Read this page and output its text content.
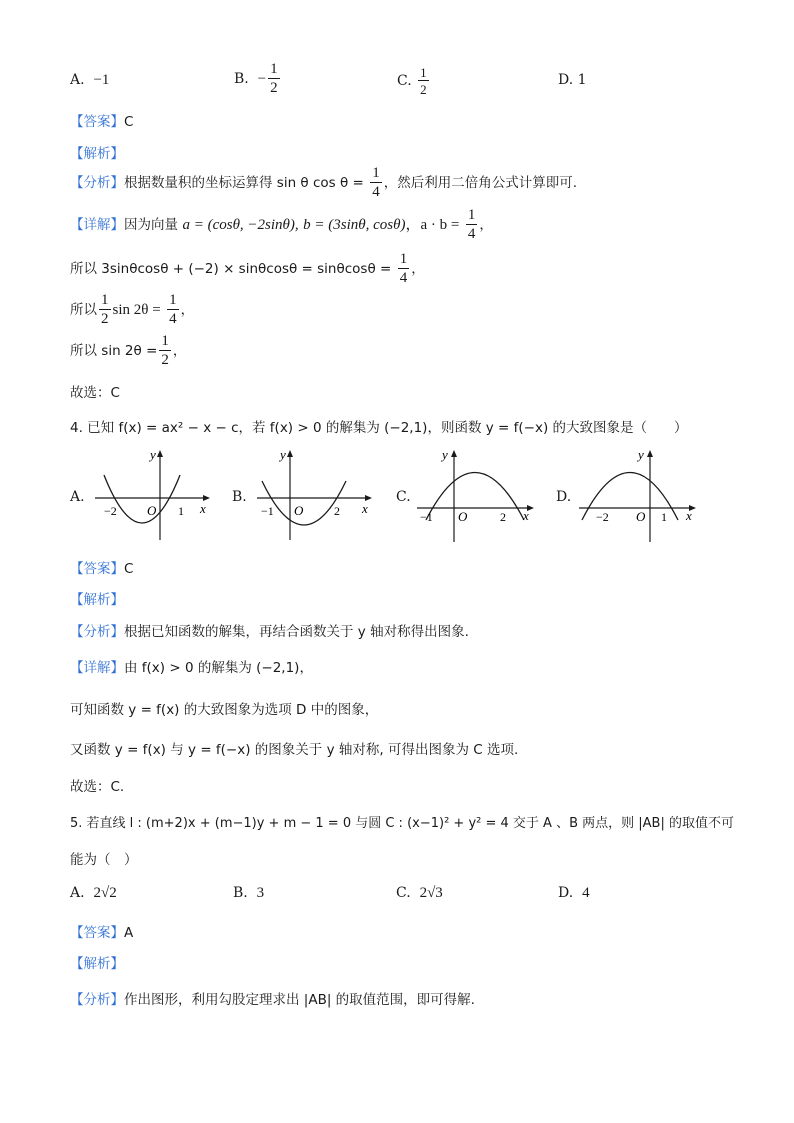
A. −1	B. − $\frac{1}{2}$	C. $\frac{1}{2}$	D. 1
【答案】C
【解析】
【分析】根据数量积的坐标运算得 sin θ $\cos \theta = \frac{1}{4}$ ，然后利用二倍角公式计算即可.
【详解】因为向量 a = (cosθ, −2sinθ), b = (3sinθ, cosθ)，$a \cdot b = \frac{1}{4}$ ，
所以 $3\sin\theta\cos\theta + (-2) \times \sin\theta\cos\theta = \sin\theta\cos\theta = \frac{1}{4}$ ，
所以 $\frac{1}{2}$ $\sin 2\theta = \frac{1}{4}$ ，
所以 $\sin 2\theta = \frac{1}{2}$ ，
故选：C
4. 已知 f(x) = ax² − x − c，若 f(x) > 0 的解集为 (−2,1)，则函数 y = f(−x) 的大致图象是（　　）
A.	B.	C.	D.
y
x
O
−2	1
y
x
O
−1	2
y
x
O
−1	2
y
x
O
−2	1
【答案】C
【解析】
【分析】根据已知函数的解集，再结合函数关于 y 轴对称得出图象.
【详解】由 f(x) > 0 的解集为 (−2,1)，
可知函数 y = f(x) 的大致图象为选项 D 中的图象，
又函数 y = f(x) 与 y = f(−x) 的图象关于 y 轴对称, 可得出图象为 C 选项.
故选：C.
5. 若直线 l : (m+2)x + (m−1)y + m − 1 = 0 与圆 C : (x−1)² + y² = 4 交于 A 、B 两点，则 |AB| 的取值不可
能为（　）
A. 2√2	B. 3	C. 2√3	D. 4
【答案】A
【解析】
【分析】作出图形，利用勾股定理求出 |AB| 的取值范围，即可得解.
